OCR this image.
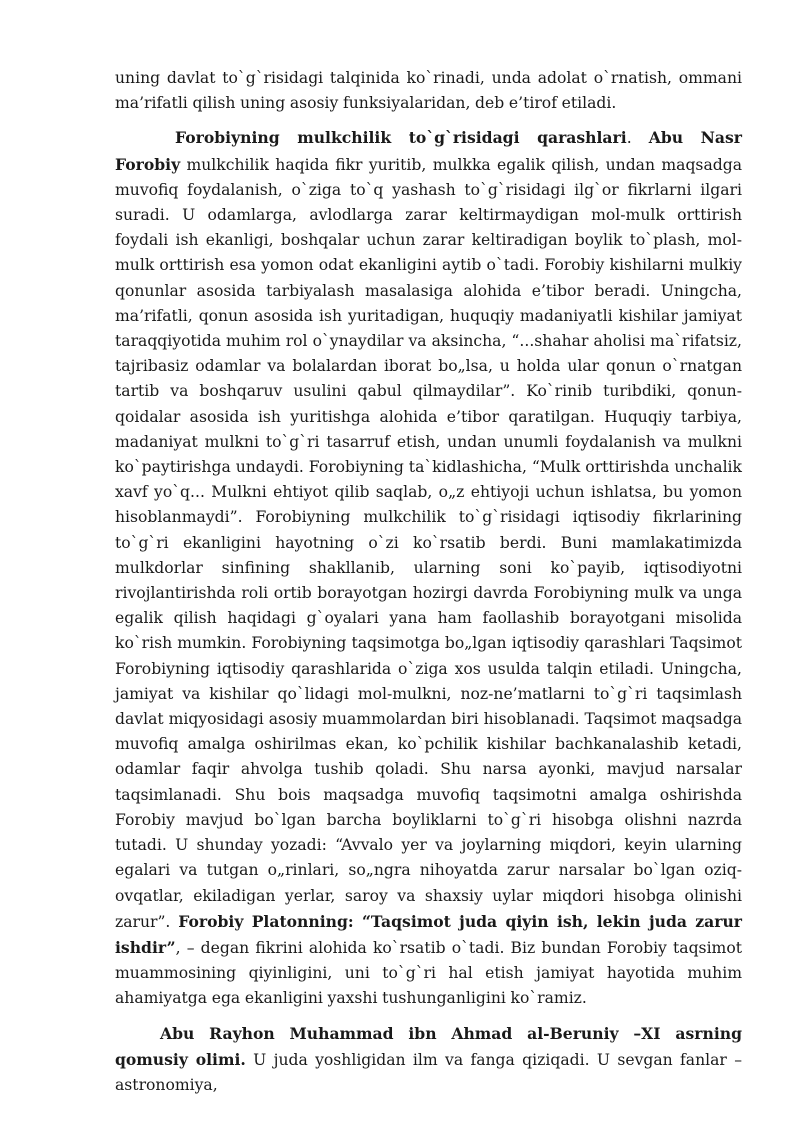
uning davlat to`g`risidagi talqinida ko`rinadi, unda adolat o`rnatish, ommani ma’rifatli qilish uning asosiy funksiyalaridan, deb e’tirof etiladi.

Forobiyning mulkchilik to`g`risidagi qarashlari. Abu Nasr Forobiy mulkchilik haqida fikr yuritib, mulkka egalik qilish, undan maqsadga muvofiq foydalanish, o`ziga to`q yashash to`g`risidagi ilg`or fikrlarni ilgari suradi. U odamlarga, avlodlarga zarar keltirmaydigan mol-mulk orttirish foydali ish ekanligi, boshqalar uchun zarar keltiradigan boylik to`plash, mol-mulk orttirish esa yomon odat ekanligini aytib o`tadi. Forobiy kishilarni mulkiy qonunlar asosida tarbiyalash masalasiga alohida e’tibor beradi. Uningcha, ma’rifatli, qonun asosida ish yuritadigan, huquqiy madaniyatli kishilar jamiyat taraqqiyotida muhim rol o`ynaydilar va aksincha, “...shahar aholisi ma`rifatsiz, tajribasiz odamlar va bolalardan iborat bo„lsa, u holda ular qonun o`rnatgan tartib va boshqaruv usulini qabul qilmaydilar”. Ko`rinib turibdiki, qonun-qoidalar asosida ish yuritishga alohida e’tibor qaratilgan. Huquqiy tarbiya, madaniyat mulkni to`g`ri tasarruf etish, undan unumli foydalanish va mulkni ko`paytirishga undaydi. Forobiyning ta`kidlashicha, “Mulk orttirishda unchalik xavf yo`q... Mulkni ehtiyot qilib saqlab, o„z ehtiyoji uchun ishlatsa, bu yomon hisoblanmaydi”. Forobiyning mulkchilik to`g`risidagi iqtisodiy fikrlarining to`g`ri ekanligini hayotning o`zi ko`rsatib berdi. Buni mamlakatimizda mulkdorlar sinfining shakllanib, ularning soni ko`payib, iqtisodiyotni rivojlantirishda roli ortib borayotgan hozirgi davrda Forobiyning mulk va unga egalik qilish haqidagi g`oyalari yana ham faollashib borayotgani misolida ko`rish mumkin. Forobiyning taqsimotga bo„lgan iqtisodiy qarashlari Taqsimot Forobiyning iqtisodiy qarashlarida o`ziga xos usulda talqin etiladi. Uningcha, jamiyat va kishilar qo`lidagi mol-mulkni, noz-ne’matlarni to`g`ri taqsimlash davlat miqyosidagi asosiy muammolardan biri hisoblanadi. Taqsimot maqsadga muvofiq amalga oshirilmas ekan, ko`pchilik kishilar bachkanalashib ketadi, odamlar faqir ahvolga tushib qoladi. Shu narsa ayonki, mavjud narsalar taqsimlanadi. Shu bois maqsadga muvofiq taqsimotni amalga oshirishda Forobiy mavjud bo`lgan barcha boyliklarni to`g`ri hisobga olishni nazrda tutadi. U shunday yozadi: “Avvalo yer va joylarning miqdori, keyin ularning egalari va tutgan o„rinlari, so„ngra nihoyatda zarur narsalar bo`lgan oziq-ovqatlar, ekiladigan yerlar, saroy va shaxsiy uylar miqdori hisobga olinishi zarur”. Forobiy Platonning: “Taqsimot juda qiyin ish, lekin juda zarur ishdir”, – degan fikrini alohida ko`rsatib o`tadi. Biz bundan Forobiy taqsimot muammosining qiyinligini, uni to`g`ri hal etish jamiyat hayotida muhim ahamiyatga ega ekanligini yaxshi tushunganligini ko`ramiz.

Abu Rayhon Muhammad ibn Ahmad al-Beruniy –XI asrning qomusiy olimi. U juda yoshligidan ilm va fanga qiziqadi. U sevgan fanlar – astronomiya,
